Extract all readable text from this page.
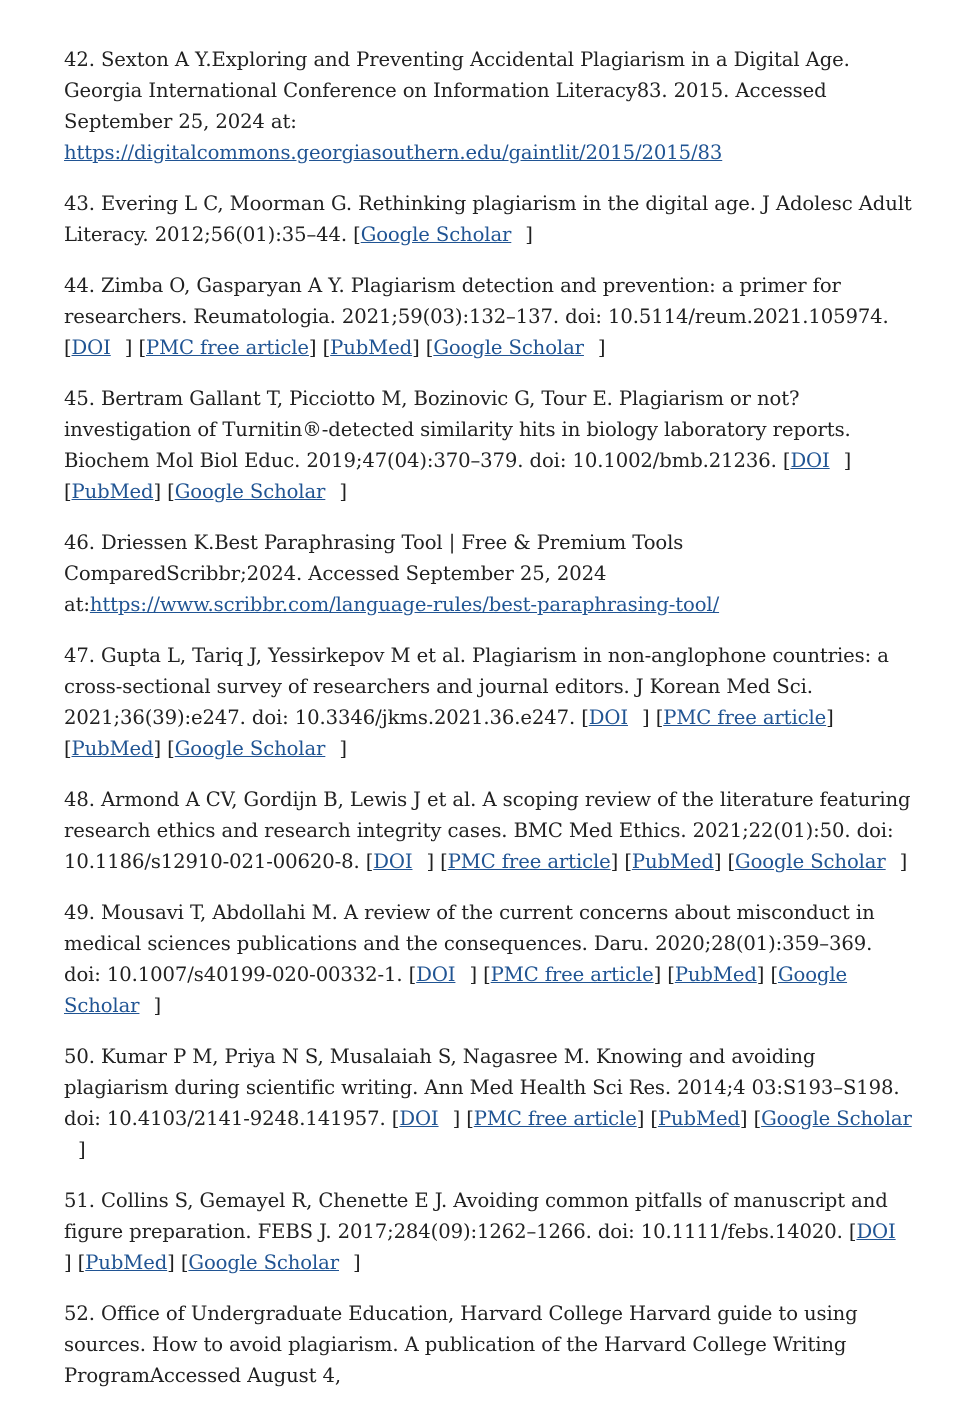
42. Sexton A Y.Exploring and Preventing Accidental Plagiarism in a Digital Age. Georgia International Conference on Information Literacy83. 2015. Accessed September 25, 2024 at: https://digitalcommons.georgiasouthern.edu/gaintlit/2015/2015/83

43. Evering L C, Moorman G. Rethinking plagiarism in the digital age. J Adolesc Adult Literacy. 2012;56(01):35–44. [Google Scholar ]

44. Zimba O, Gasparyan A Y. Plagiarism detection and prevention: a primer for researchers. Reumatologia. 2021;59(03):132–137. doi: 10.5114/reum.2021.105974. [DOI ] [PMC free article] [PubMed] [Google Scholar ]

45. Bertram Gallant T, Picciotto M, Bozinovic G, Tour E. Plagiarism or not? investigation of Turnitin®-detected similarity hits in biology laboratory reports. Biochem Mol Biol Educ. 2019;47(04):370–379. doi: 10.1002/bmb.21236. [DOI ] [PubMed] [Google Scholar ]

46. Driessen K.Best Paraphrasing Tool | Free & Premium Tools ComparedScribbr;2024. Accessed September 25, 2024 at:https://www.scribbr.com/language-rules/best-paraphrasing-tool/

47. Gupta L, Tariq J, Yessirkepov M et al. Plagiarism in non-anglophone countries: a cross-sectional survey of researchers and journal editors. J Korean Med Sci. 2021;36(39):e247. doi: 10.3346/jkms.2021.36.e247. [DOI ] [PMC free article] [PubMed] [Google Scholar ]

48. Armond A CV, Gordijn B, Lewis J et al. A scoping review of the literature featuring research ethics and research integrity cases. BMC Med Ethics. 2021;22(01):50. doi: 10.1186/s12910-021-00620-8. [DOI ] [PMC free article] [PubMed] [Google Scholar ]

49. Mousavi T, Abdollahi M. A review of the current concerns about misconduct in medical sciences publications and the consequences. Daru. 2020;28(01):359–369. doi: 10.1007/s40199-020-00332-1. [DOI ] [PMC free article] [PubMed] [Google Scholar ]

50. Kumar P M, Priya N S, Musalaiah S, Nagasree M. Knowing and avoiding plagiarism during scientific writing. Ann Med Health Sci Res. 2014;4 03:S193–S198. doi: 10.4103/2141-9248.141957. [DOI ] [PMC free article] [PubMed] [Google Scholar]

51. Collins S, Gemayel R, Chenette E J. Avoiding common pitfalls of manuscript and figure preparation. FEBS J. 2017;284(09):1262–1266. doi: 10.1111/febs.14020. [DOI] [PubMed] [Google Scholar ]

52. Office of Undergraduate Education, Harvard College Harvard guide to using sources. How to avoid plagiarism. A publication of the Harvard College Writing ProgramAccessed August 4,
